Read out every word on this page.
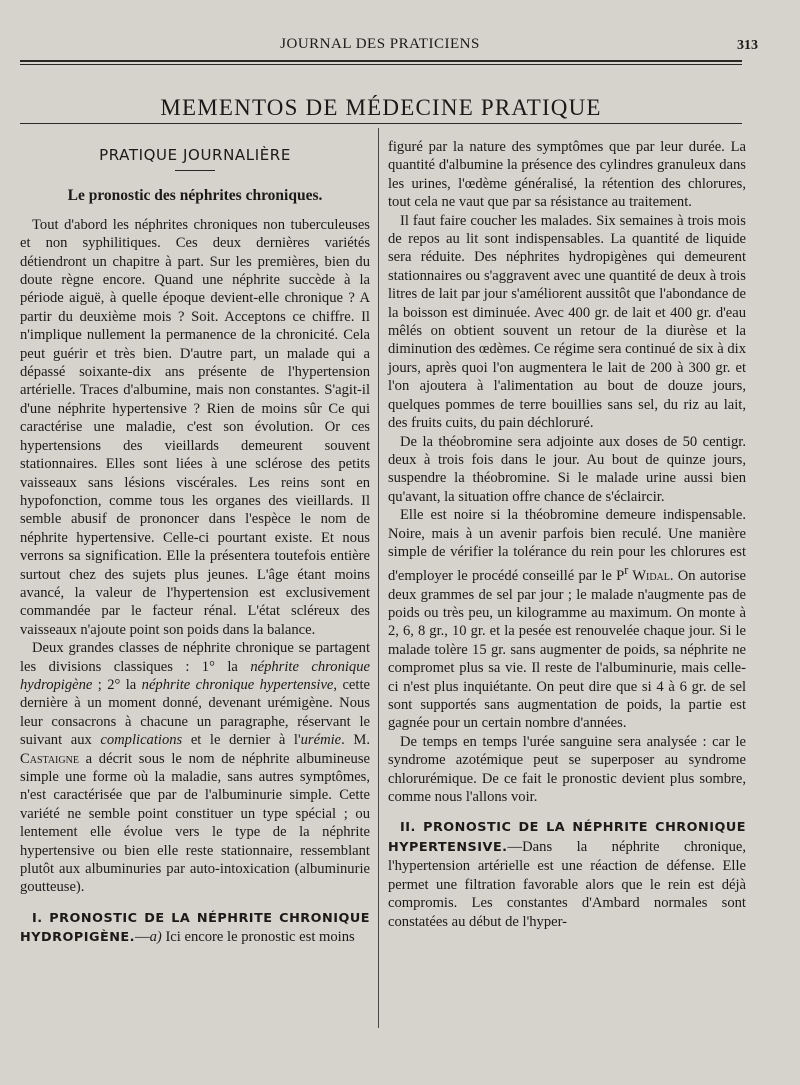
JOURNAL DES PRATICIENS	313
MEMENTOS DE MÉDECINE PRATIQUE
PRATIQUE JOURNALIÈRE
Le pronostic des néphrites chroniques.

Tout d'abord les néphrites chroniques non tuberculeuses et non syphilitiques. Ces deux dernières variétés détiendront un chapitre à part. Sur les premières, bien du doute règne encore. Quand une néphrite succède à la période aiguë, à quelle époque devient-elle chronique ? A partir du deuxième mois ? Soit. Acceptons ce chiffre. Il n'implique nullement la permanence de la chronicité. Cela peut guérir et très bien. D'autre part, un malade qui a dépassé soixante-dix ans présente de l'hypertension artérielle. Traces d'albumine, mais non constantes. S'agit-il d'une néphrite hypertensive ? Rien de moins sûr Ce qui caractérise une maladie, c'est son évolution. Or ces hypertensions des vieillards demeurent souvent stationnaires. Elles sont liées à une sclérose des petits vaisseaux sans lésions viscérales. Les reins sont en hypofonction, comme tous les organes des vieillards. Il semble abusif de prononcer dans l'espèce le nom de néphrite hypertensive. Celle-ci pourtant existe. Et nous verrons sa signification. Elle la présentera toutefois entière surtout chez des sujets plus jeunes. L'âge étant moins avancé, la valeur de l'hypertension est exclusivement commandée par le facteur rénal. L'état scléreux des vaisseaux n'ajoute point son poids dans la balance.

Deux grandes classes de néphrite chronique se partagent les divisions classiques : 1° la néphrite chronique hydropigène ; 2° la néphrite chronique hypertensive, cette dernière à un moment donné, devenant urémigène. Nous leur consacrons à chacune un paragraphe, réservant le suivant aux complications et le dernier à l'urémie. M. Castaigne a décrit sous le nom de néphrite albumineuse simple une forme où la maladie, sans autres symptômes, n'est caractérisée que par de l'albuminurie simple. Cette variété ne semble point constituer un type spécial ; ou lentement elle évolue vers le type de la néphrite hypertensive ou bien elle reste stationnaire, ressemblant plutôt aux albuminuries par auto-intoxication (albuminurie goutteuse).

I. PRONOSTIC DE LA NÉPHRITE CHRONIQUE HYDROPIGÈNE.—a) Ici encore le pronostic est moins

figuré par la nature des symptômes que par leur durée. La quantité d'albumine la présence des cylindres granuleux dans les urines, l'œdème généralisé, la rétention des chlorures, tout cela ne vaut que par sa résistance au traitement.

Il faut faire coucher les malades. Six semaines à trois mois de repos au lit sont indispensables. La quantité de liquide sera réduite. Des néphrites hydropigènes qui demeurent stationnaires ou s'aggravent avec une quantité de deux à trois litres de lait par jour s'améliorent aussitôt que l'abondance de la boisson est diminuée. Avec 400 gr. de lait et 400 gr. d'eau mêlés on obtient souvent un retour de la diurèse et la diminution des œdèmes. Ce régime sera continué de six à dix jours, après quoi l'on augmentera le lait de 200 à 300 gr. et l'on ajoutera à l'alimentation au bout de douze jours, quelques pommes de terre bouillies sans sel, du riz au lait, des fruits cuits, du pain déchloruré.

De la théobromine sera adjointe aux doses de 50 centigr. deux à trois fois dans le jour. Au bout de quinze jours, suspendre la théobromine. Si le malade urine aussi bien qu'avant, la situation offre chance de s'éclaircir.

Elle est noire si la théobromine demeure indispensable. Noire, mais à un avenir parfois bien reculé. Une manière simple de vérifier la tolérance du rein pour les chlorures est d'employer le procédé conseillé par le $P^r$ Widal. On autorise deux grammes de sel par jour ; le malade n'augmente pas de poids ou très peu, un kilogramme au maximum. On monte à 2, 6, 8 gr., 10 gr. et la pesée est renouvelée chaque jour. Si le malade tolère 15 gr. sans augmenter de poids, sa néphrite ne compromet plus sa vie. Il reste de l'albuminurie, mais celle-ci n'est plus inquiétante. On peut dire que si 4 à 6 gr. de sel sont supportés sans augmentation de poids, la partie est gagnée pour un certain nombre d'années.

De temps en temps l'urée sanguine sera analysée : car le syndrome azotémique peut se superposer au syndrome chlorurémique. De ce fait le pronostic devient plus sombre, comme nous l'allons voir.

II. PRONOSTIC DE LA NÉPHRITE CHRONIQUE HYPERTENSIVE.—Dans la néphrite chronique, l'hypertension artérielle est une réaction de défense. Elle permet une filtration favorable alors que le rein est déjà compromis. Les constantes d'Ambard normales sont constatées au début de l'hyper-
